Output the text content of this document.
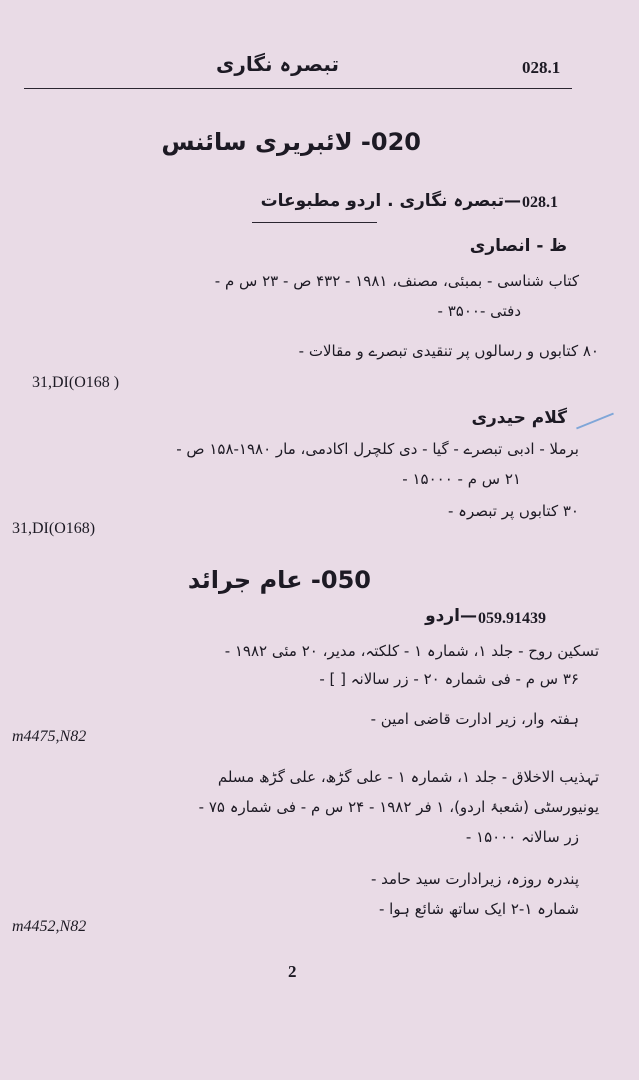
028.1
تبصرہ نگاری
020- لائبریری سائنس
028.1
—تبصرہ نگاری . اردو مطبوعات
ظ - انصاری
کتاب شناسی - بمبئی، مصنف، ۱۹۸۱ - ۴۳۲ ص - ۲۳ س م -
دفتی -۳۵۰۰ -
۸۰ کتابوں و رسالوں پر تنقیدی تبصرے و مقالات -
31,DI(O168 )
گلام حیدری
برملا - ادبی تبصرے - گیا - دی کلچرل اکادمی، مار ۱۹۸۰-۱۵۸ ص -
۲۱ س م - ۱۵۰۰۰ -
۳۰ کتابوں پر تبصرہ -
31,DI(O168)
050- عام جرائد
059.91439
—اردو
تسکین روح - جلد ۱، شمارہ ۱ - کلکتہ، مدیر، ۲۰ مئی ۱۹۸۲ -
۳۶ س م - فی شمارہ ۲۰ - زر سالانہ [ ] -
ہفتہ وار، زیر ادارت قاضی امین -
m4475,N82
تہذیب الاخلاق - جلد ۱، شمارہ ۱ - علی گڑھ، علی گڑھ مسلم
یونیورسٹی (شعبۂ اردو)، ۱ فر ۱۹۸۲ - ۲۴ س م - فی شمارہ ۷۵ -
زر سالانہ ۱۵۰۰۰ -
پندرہ روزہ، زیرادارت سید حامد -
شمارہ ۱-۲ ایک ساتھ شائع ہوا -
m4452,N82
2
